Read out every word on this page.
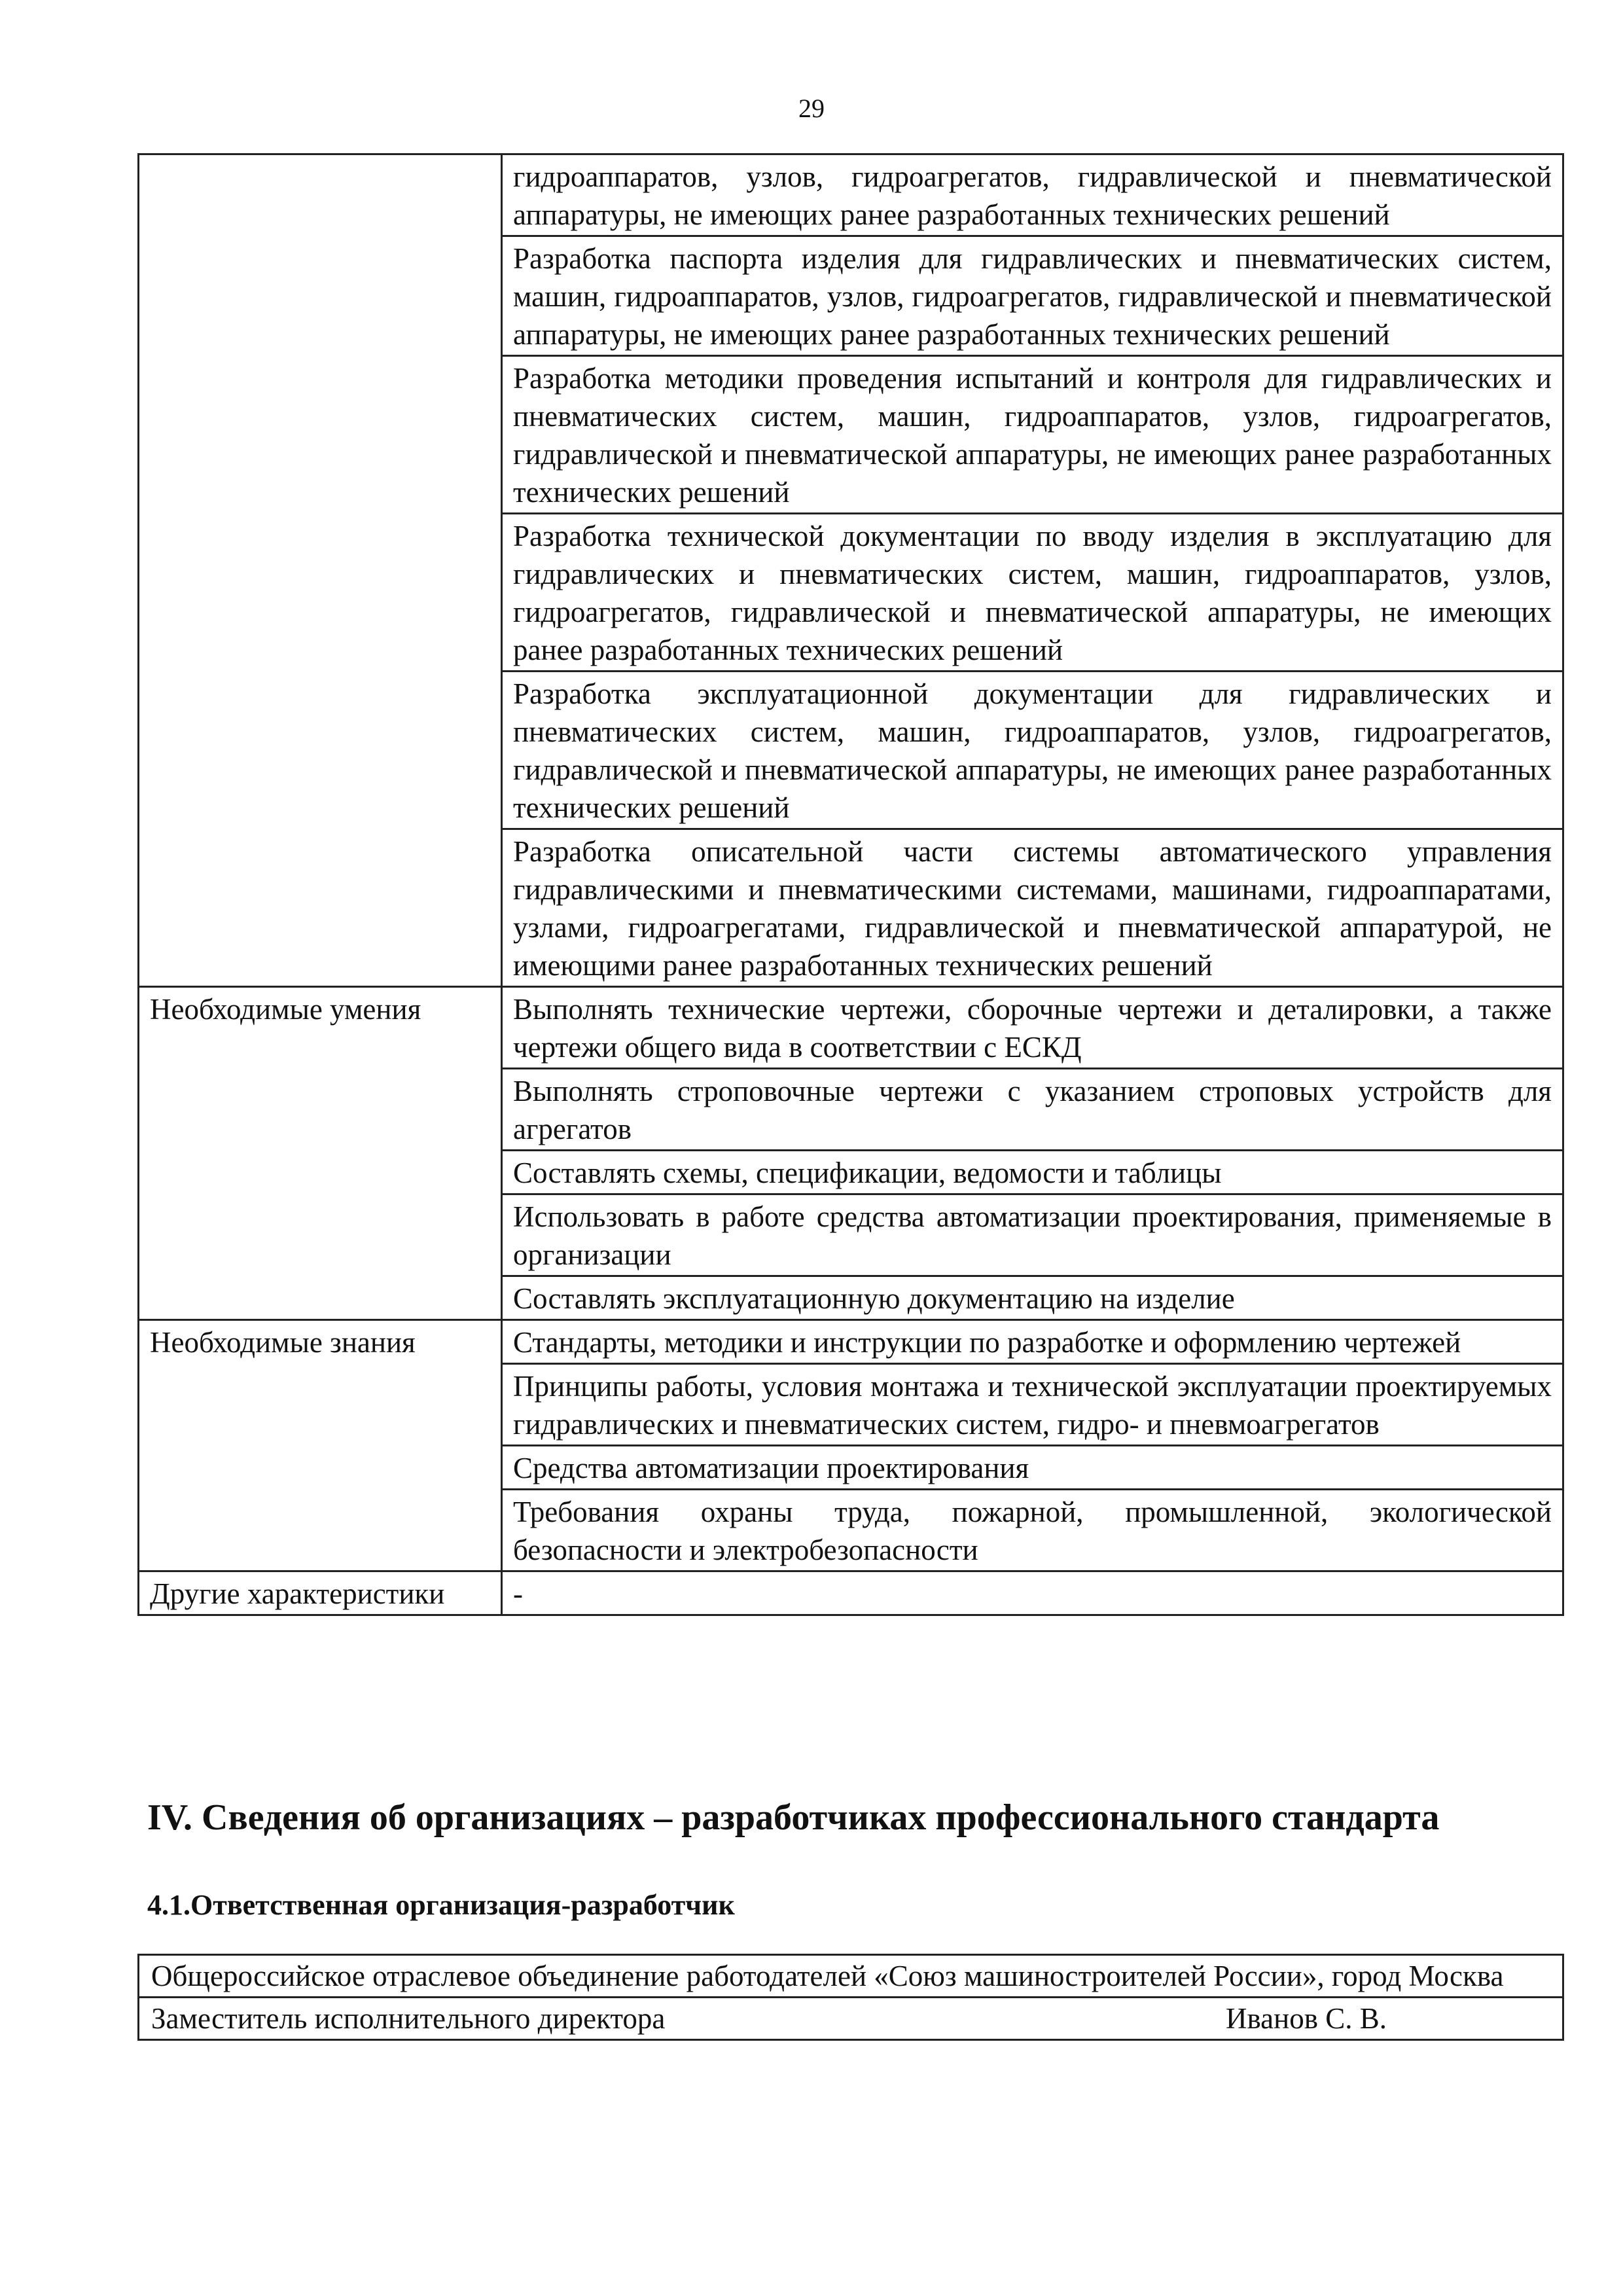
29
	гидроаппаратов, узлов, гидроагрегатов, гидравлической и пневматической аппаратуры, не имеющих ранее разработанных технических решений
	Разработка паспорта изделия для гидравлических и пневматических систем, машин, гидроаппаратов, узлов, гидроагрегатов, гидравлической и пневматической аппаратуры, не имеющих ранее разработанных технических решений
	Разработка методики проведения испытаний и контроля для гидравлических и пневматических систем, машин, гидроаппаратов, узлов, гидроагрегатов, гидравлической и пневматической аппаратуры, не имеющих ранее разработанных технических решений
	Разработка технической документации по вводу изделия в эксплуатацию для гидравлических и пневматических систем, машин, гидроаппаратов, узлов, гидроагрегатов, гидравлической и пневматической аппаратуры, не имеющих ранее разработанных технических решений
	Разработка эксплуатационной документации для гидравлических и пневматических систем, машин, гидроаппаратов, узлов, гидроагрегатов, гидравлической и пневматической аппаратуры, не имеющих ранее разработанных технических решений
	Разработка описательной части системы автоматического управления гидравлическими и пневматическими системами, машинами, гидроаппаратами, узлами, гидроагрегатами, гидравлической и пневматической аппаратурой, не имеющими ранее разработанных технических решений
Необходимые умения	Выполнять технические чертежи, сборочные чертежи и деталировки, а также чертежи общего вида в соответствии с ЕСКД
	Выполнять строповочные чертежи с указанием строповых устройств для агрегатов
	Составлять схемы, спецификации, ведомости и таблицы
	Использовать в работе средства автоматизации проектирования, применяемые в организации
	Составлять эксплуатационную документацию на изделие
Необходимые знания	Стандарты, методики и инструкции по разработке и оформлению чертежей
	Принципы работы, условия монтажа и технической эксплуатации проектируемых гидравлических и пневматических систем, гидро- и пневмоагрегатов
	Средства автоматизации проектирования
	Требования охраны труда, пожарной, промышленной, экологической безопасности и электробезопасности
Другие характеристики	-
IV. Сведения об организациях – разработчиках профессионального стандарта
4.1.Ответственная организация-разработчик
Общероссийское отраслевое объединение работодателей «Союз машиностроителей России», город Москва

Заместитель исполнительного директора	Иванов С. В.
